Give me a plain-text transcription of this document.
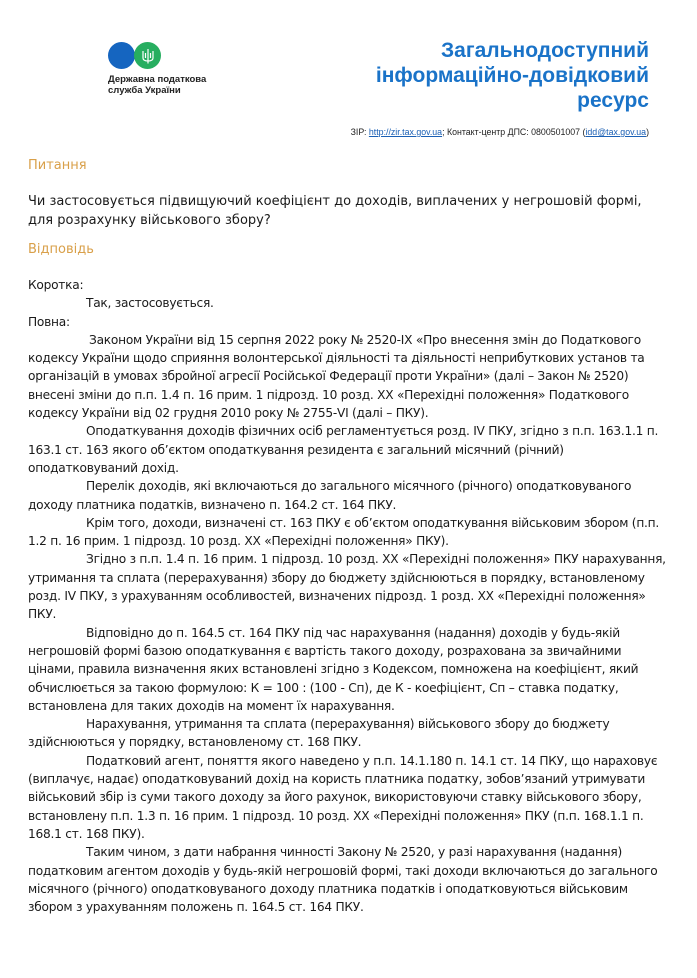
Державна податкова
служба України
Загальнодоступний
інформаційно-довідковий
ресурс
ЗІР: http://zir.tax.gov.ua; Контакт-центр ДПС: 0800501007 (idd@tax.gov.ua)
Питання
Чи застосовується підвищуючий коефіцієнт до доходів, виплачених у негрошовій формі, для розрахунку військового збору?
Відповідь

Коротка:

Так, застосовується.

Повна:

Законом України від 15 серпня 2022 року № 2520-IX «Про внесення змін до Податкового кодексу України щодо сприяння волонтерської діяльності та діяльності неприбуткових установ та організацій в умовах збройної агресії Російської Федерації проти України» (далі – Закон № 2520) внесені зміни до п.п. 1.4 п. 16 прим. 1 підрозд. 10 розд. XX «Перехідні положення» Податкового кодексу України від 02 грудня 2010 року № 2755-VI (далі – ПКУ).

Оподаткування доходів фізичних осіб регламентується розд. IV ПКУ, згідно з п.п. 163.1.1 п. 163.1 ст. 163 якого об’єктом оподаткування резидента є загальний місячний (річний) оподатковуваний дохід.

Перелік доходів, які включаються до загального місячного (річного) оподатковуваного доходу платника податків, визначено п. 164.2 ст. 164 ПКУ.

Крім того, доходи, визначені ст. 163 ПКУ є об’єктом оподаткування військовим збором (п.п. 1.2 п. 16 прим. 1 підрозд. 10 розд. XX «Перехідні положення» ПКУ).

Згідно з п.п. 1.4 п. 16 прим. 1 підрозд. 10 розд. XX «Перехідні положення» ПКУ нарахування, утримання та сплата (перерахування) збору до бюджету здійснюються в порядку, встановленому розд. IV ПКУ, з урахуванням особливостей, визначених підрозд. 1 розд. XX «Перехідні положення» ПКУ.

Відповідно до п. 164.5 ст. 164 ПКУ під час нарахування (надання) доходів у будь-якій негрошовій формі базою оподаткування є вартість такого доходу, розрахована за звичайними цінами, правила визначення яких встановлені згідно з Кодексом, помножена на коефіцієнт, який обчислюється за такою формулою: К = 100 : (100 - Сп), де К - коефіцієнт, Сп – ставка податку, встановлена для таких доходів на момент їх нарахування.

Нарахування, утримання та сплата (перерахування) військового збору до бюджету здійснюються у порядку, встановленому ст. 168 ПКУ.

Податковий агент, поняття якого наведено у п.п. 14.1.180 п. 14.1 ст. 14 ПКУ, що нараховує (виплачує, надає) оподатковуваний дохід на користь платника податку, зобов’язаний утримувати військовий збір із суми такого доходу за його рахунок, використовуючи ставку військового збору, встановлену п.п. 1.3 п. 16 прим. 1 підрозд. 10 розд. XX «Перехідні положення» ПКУ (п.п. 168.1.1 п. 168.1 ст. 168 ПКУ).

Таким чином, з дати набрання чинності Закону № 2520, у разі нарахування (надання) податковим агентом доходів у будь-якій негрошовій формі, такі доходи включаються до загального місячного (річного) оподатковуваного доходу платника податків і оподатковуються військовим збором з урахуванням положень п. 164.5 ст. 164 ПКУ.
